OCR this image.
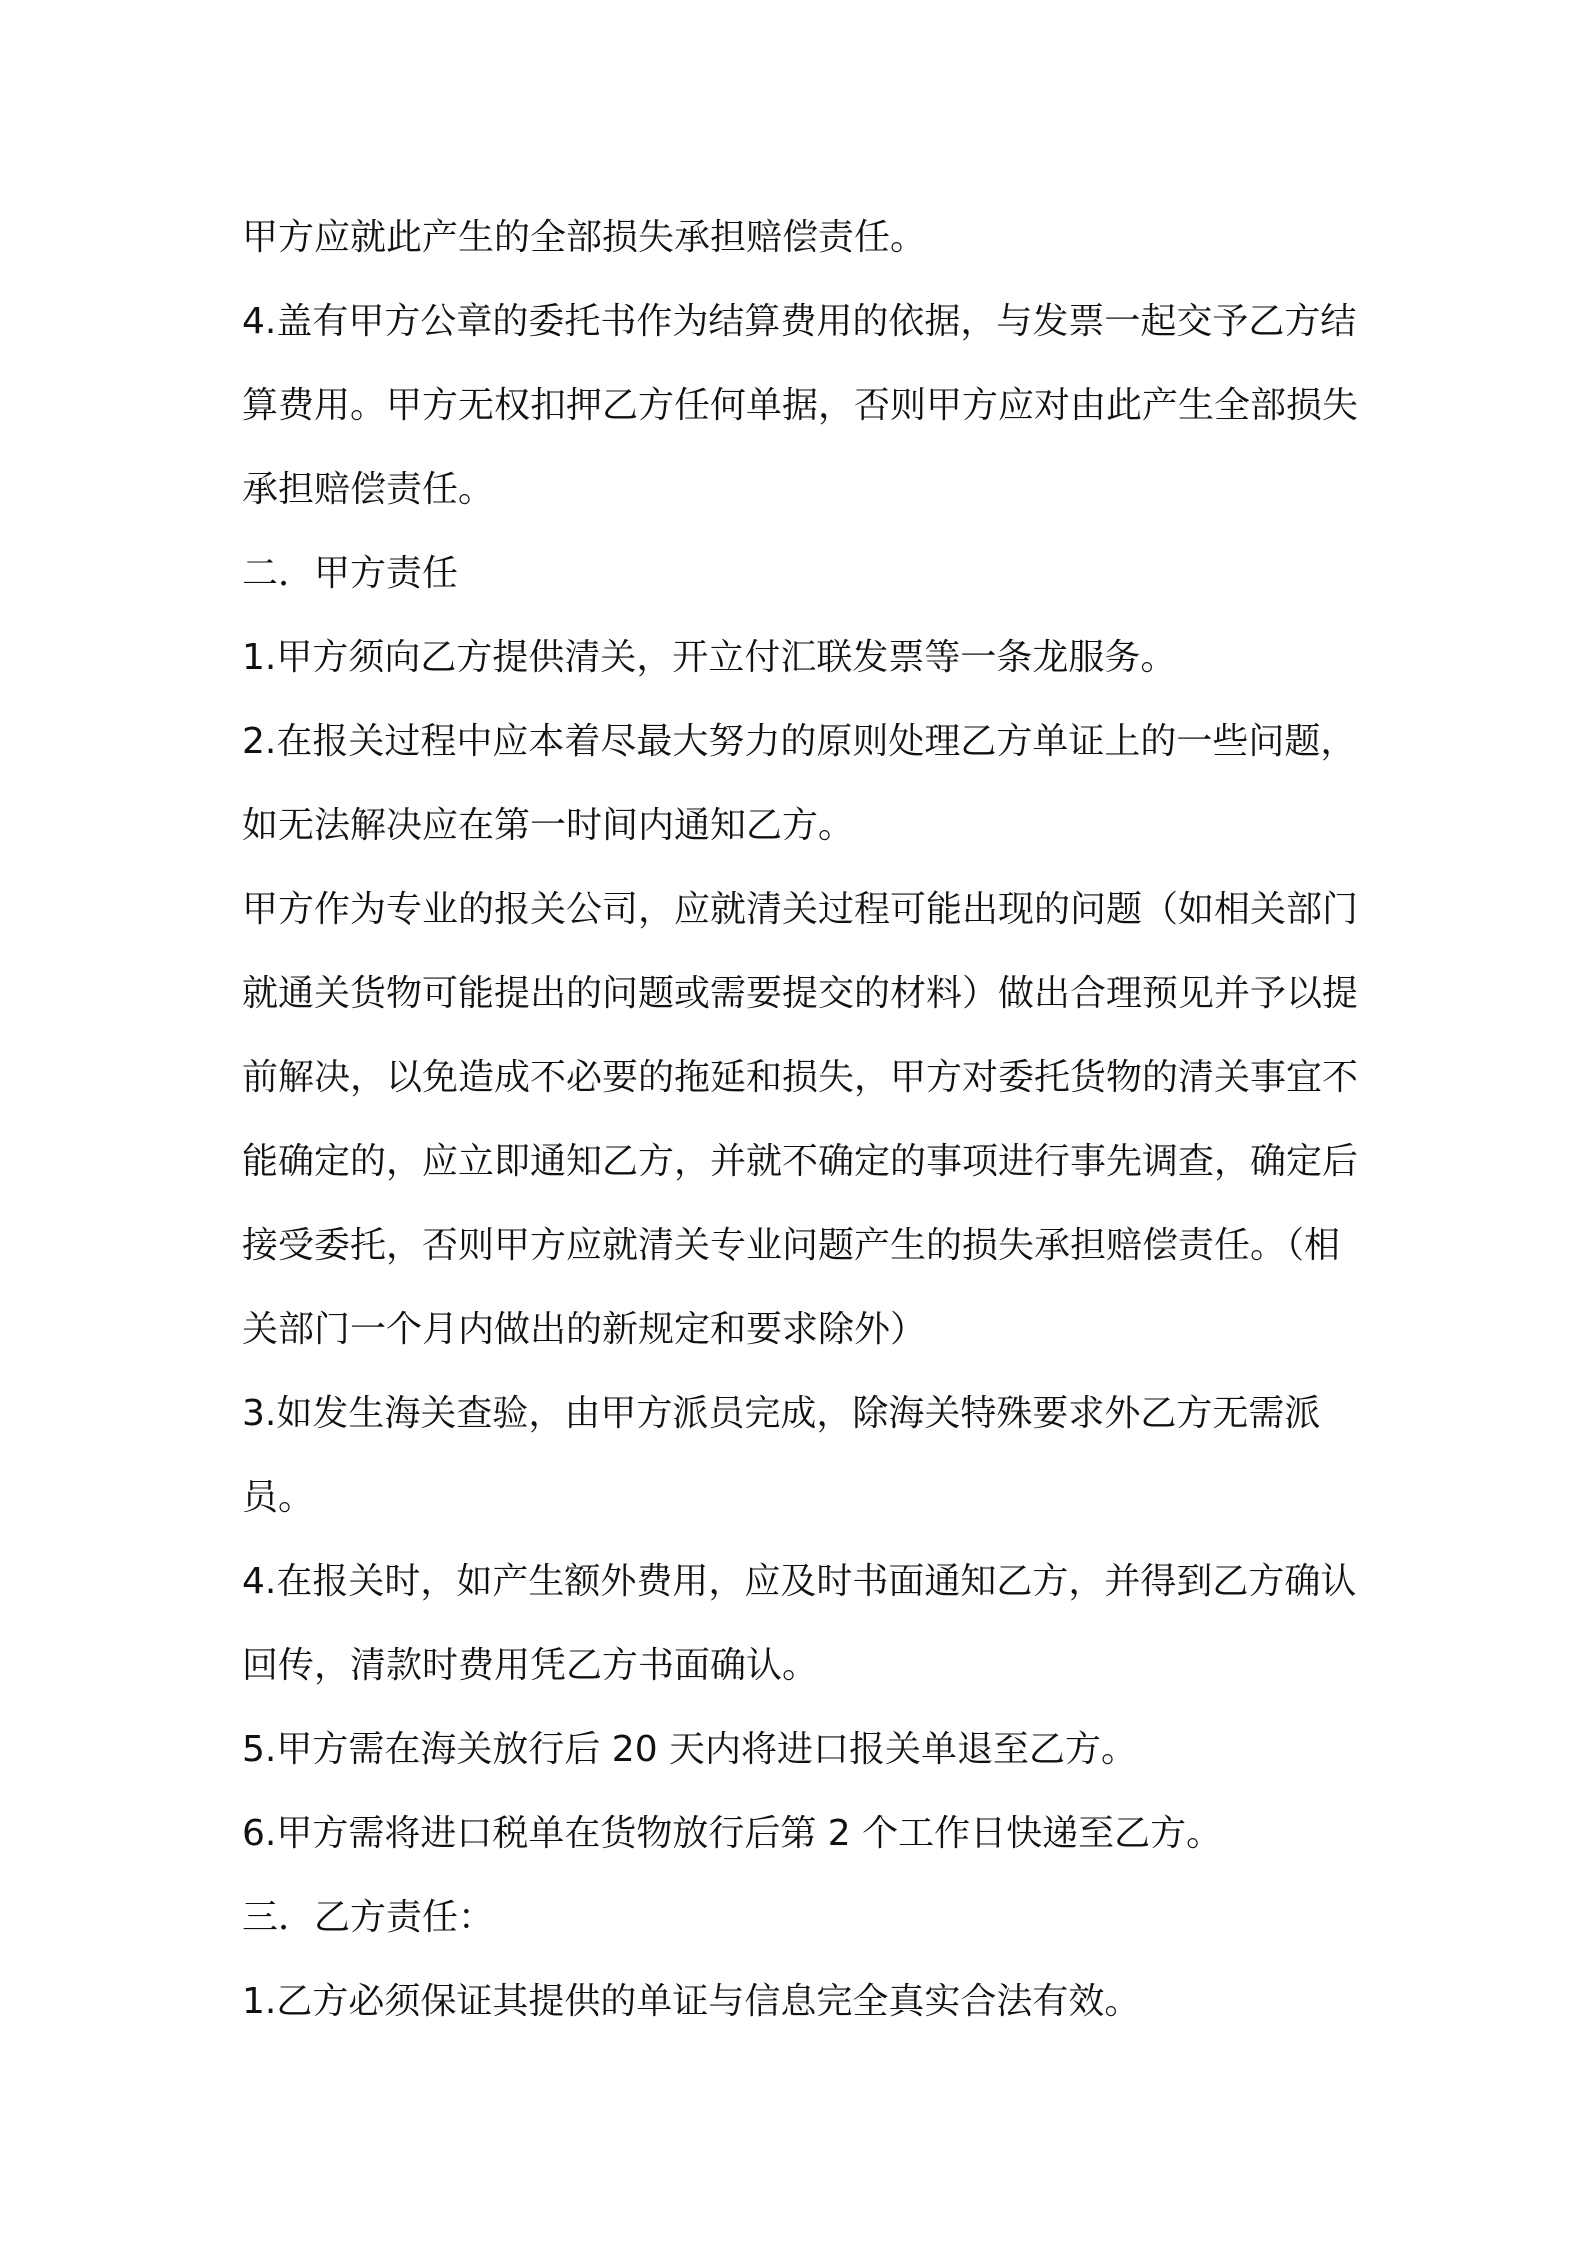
甲方应就此产生的全部损失承担赔偿责任。

4.盖有甲方公章的委托书作为结算费用的依据，与发票一起交予乙方结算费用。甲方无权扣押乙方任何单据，否则甲方应对由此产生全部损失承担赔偿责任。

二．甲方责任

1.甲方须向乙方提供清关，开立付汇联发票等一条龙服务。

2.在报关过程中应本着尽最大努力的原则处理乙方单证上的一些问题，如无法解决应在第一时间内通知乙方。

甲方作为专业的报关公司，应就清关过程可能出现的问题（如相关部门就通关货物可能提出的问题或需要提交的材料）做出合理预见并予以提前解决，以免造成不必要的拖延和损失，甲方对委托货物的清关事宜不能确定的，应立即通知乙方，并就不确定的事项进行事先调查，确定后接受委托，否则甲方应就清关专业问题产生的损失承担赔偿责任。（相关部门一个月内做出的新规定和要求除外）

3.如发生海关查验，由甲方派员完成，除海关特殊要求外乙方无需派员。

4.在报关时，如产生额外费用，应及时书面通知乙方，并得到乙方确认回传，清款时费用凭乙方书面确认。

5.甲方需在海关放行后 20 天内将进口报关单退至乙方。

6.甲方需将进口税单在货物放行后第 2 个工作日快递至乙方。

三．乙方责任：

1.乙方必须保证其提供的单证与信息完全真实合法有效。
